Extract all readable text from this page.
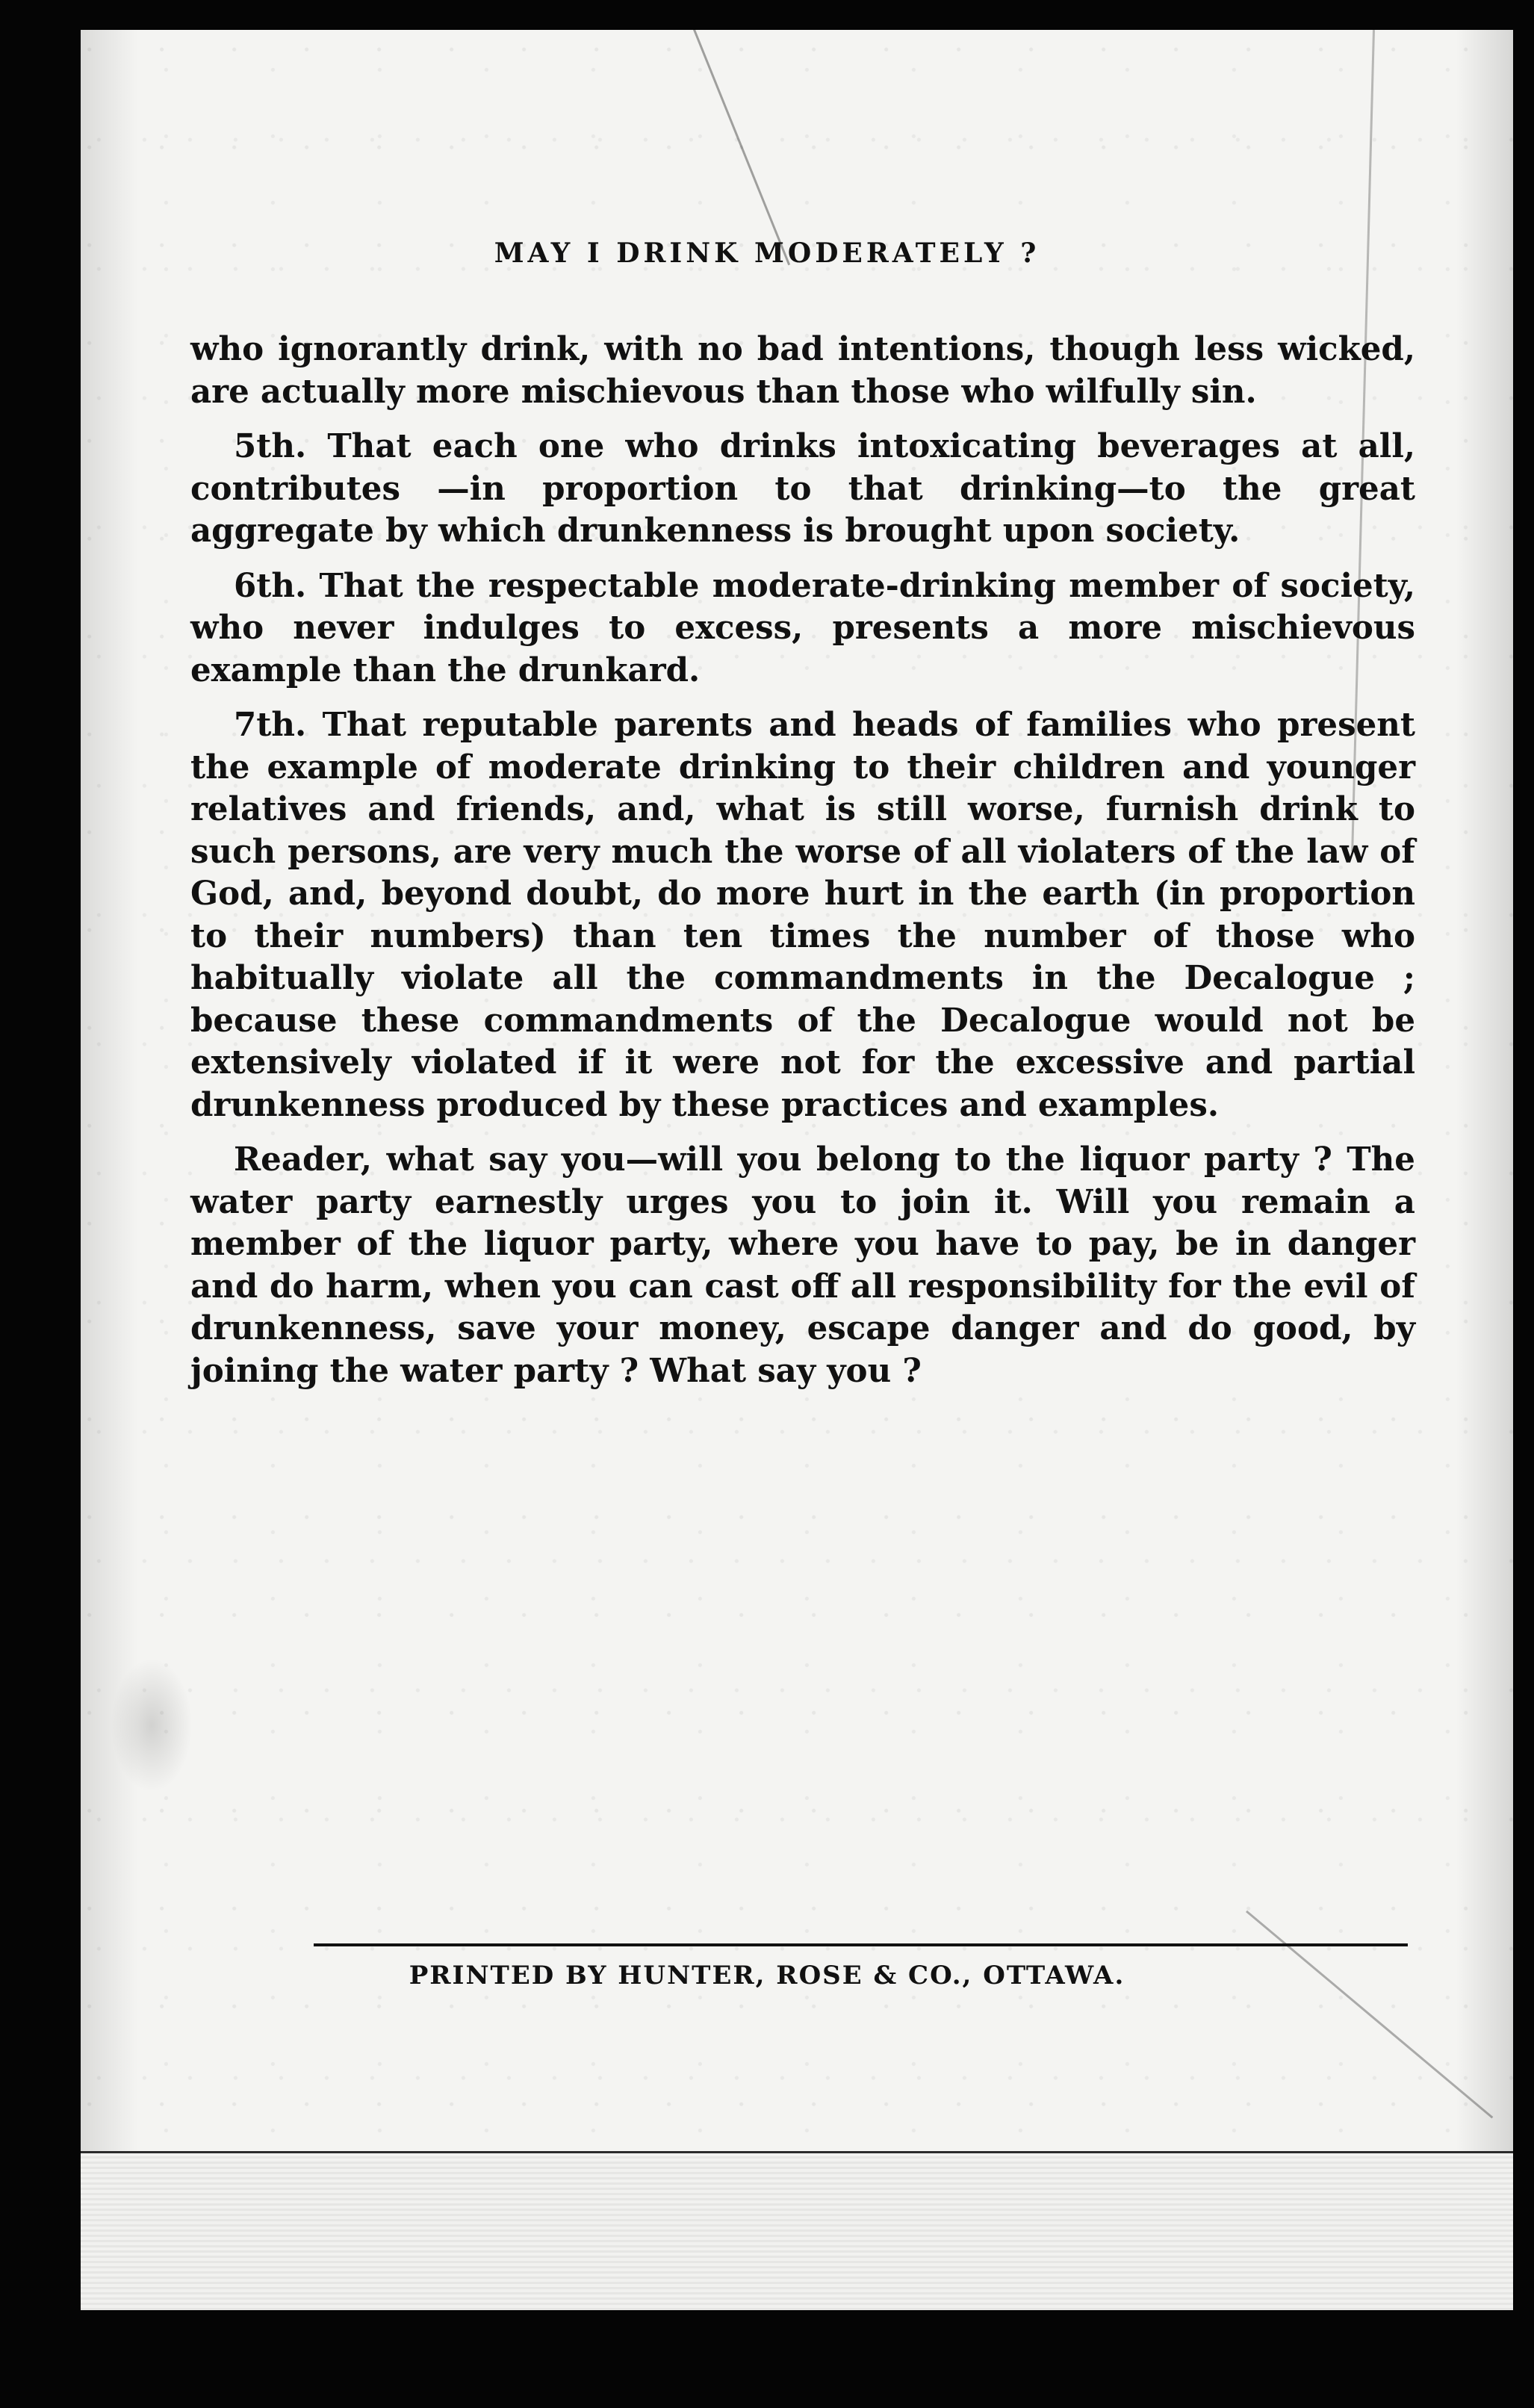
MAY I DRINK MODERATELY ?

who ignorantly drink, with no bad intentions, though less wicked, are actually more mischievous than those who wilfully sin.

5th. That each one who drinks intoxicating beverages at all, contributes —in proportion to that drinking—to the great aggregate by which drunkenness is brought upon society.

6th. That the respectable moderate-drinking member of society, who never indulges to excess, presents a more mischievous example than the drunkard.

7th. That reputable parents and heads of families who present the example of moderate drinking to their children and younger relatives and friends, and, what is still worse, furnish drink to such persons, are very much the worse of all violaters of the law of God, and, beyond doubt, do more hurt in the earth (in proportion to their numbers) than ten times the number of those who habitually violate all the commandments in the Decalogue ; because these commandments of the Decalogue would not be extensively violated if it were not for the excessive and partial drunkenness produced by these practices and examples.

Reader, what say you—will you belong to the liquor party ? The water party earnestly urges you to join it. Will you remain a member of the liquor party, where you have to pay, be in danger and do harm, when you can cast off all responsibility for the evil of drunkenness, save your money, escape danger and do good, by joining the water party ? What say you ?

PRINTED BY HUNTER, ROSE & CO., OTTAWA.
